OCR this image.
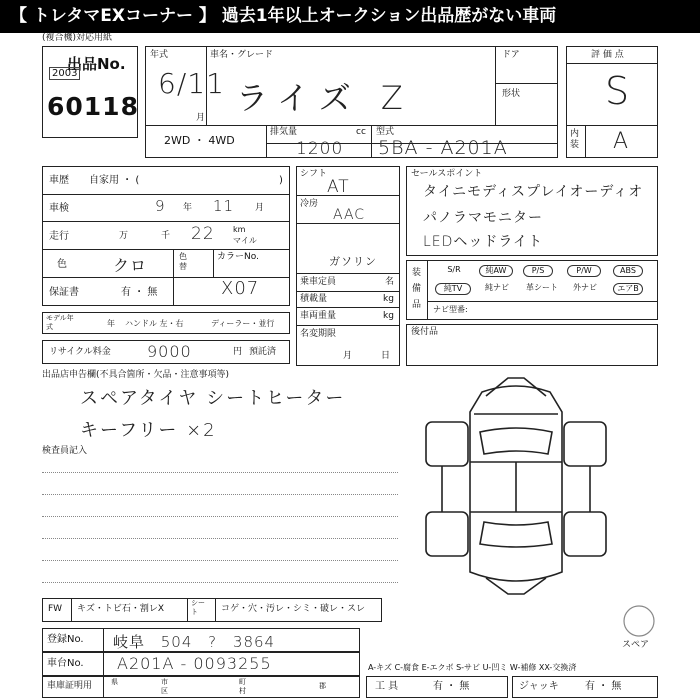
【 トレタマEXコーナー 】 過去1年以上オークション出品歴がない車両
(複合機)対応用紙
出品No.
2003
60118
年式
6/11
月
車名・グレード
ライズ Z
ドア
形状
2WD ・ 4WD
排気量	cc
1200
型式
5BA - A201A
評 価 点
S
内装 A
車歴 自家用 ・ (	)
車検	9 年 11 月
走行	万	千 22 km
マイル
色	クロ	色替
カラーNo.
X07
保証書	有 ・ 無
モデル年式	年 ハンドル 左・右	ディーラー・並行
リサイクル料金 9000	円 預託済
シフト
AT
冷房
AAC
ガソリン
乗車定員	名
積載量	kg
車両重量	kg
名変期限
月	日
セールスポイント
タイニモディスプレイオーディオ
パノラマモニター
LEDヘッドライト
装備品
S/R	純AW	P/S	P/W	ABS
純TV	純ナビ	革シート	外ナビ	エアB
ナビ型番:
後付品
出品店申告欄(不具合箇所・欠品・注意事項等)
スペアタイヤ シートヒーター
キーフリー ×2
検査員記入
スペア
FW キズ・トビ石・割レX
シート	コゲ・穴・汚レ・シミ・破レ・スレ
登録No. 岐阜 504 ? 3864
車台No. A201A - 0093255	A-キズ C-腐食 E-エクボ S-サビ U-凹ミ W-補修 XX-交換済
車庫証明用	県	市
区
町
村
郡	工 具	有 ・ 無	ジャッキ	有 ・ 無
